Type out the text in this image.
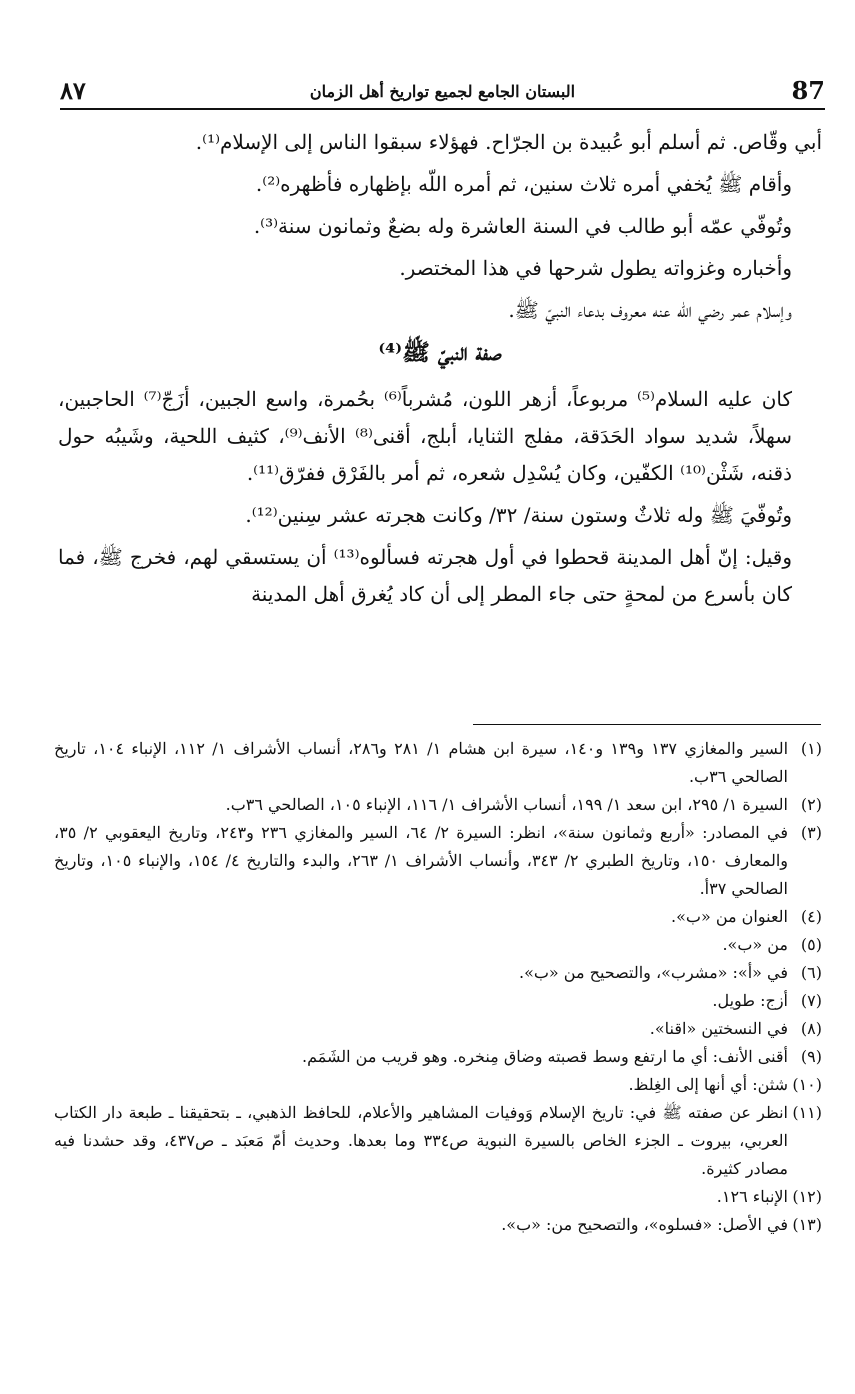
٨٧	البستان الجامع لجميع تواريخ أهل الزمان	87

أبي وقّاص. ثم أسلم أبو عُبيدة بن الجرّاح. فهؤلاء سبقوا الناس إلى الإسلام⁽¹⁾.

وأقام ﷺ يُخفي أمره ثلاث سنين، ثم أمره اللّه بإظهاره فأظهره⁽²⁾.

وتُوفّي عمّه أبو طالب في السنة العاشرة وله بضعٌ وثمانون سنة⁽³⁾.

وأخباره وغزواته يطول شرحها في هذا المختصر.

وإسلام عمر رضي اللّه عنه معروف بدعاء النبيّ ﷺ.

صفة النبيّ ﷺ⁽⁴⁾

كان عليه السلام⁽⁵⁾ مربوعاً، أزهر اللون، مُشرباً⁽⁶⁾ بحُمرة، واسع الجبين، أزَجّ⁽⁷⁾ الحاجبين، سهلاً، شديد سواد الحَدَقة، مفلج الثنايا، أبلج، أقنى⁽⁸⁾ الأنف⁽⁹⁾، كثيف اللحية، وشَيبُه حول ذقنه، شَثْن⁽¹⁰⁾ الكفّين، وكان يُسْدِل شعره، ثم أمر بالفَرْق ففرّق⁽¹¹⁾.

وتُوفّيَ ﷺ وله ثلاثٌ وستون سنة/ ٣٢/ وكانت هجرته عشر سِنين⁽¹²⁾.

وقيل: إنّ أهل المدينة قحطوا في أول هجرته فسألوه⁽¹³⁾ أن يستسقي لهم، فخرج ﷺ، فما كان بأسرع من لمحةٍ حتى جاء المطر إلى أن كاد يُغرق أهل المدينة

(١)
السير والمغازي ١٣٧ و١٣٩ و١٤٠، سيرة ابن هشام ١/ ٢٨١ و٢٨٦، أنساب الأشراف ١/ ١١٢، الإنباء ١٠٤، تاريخ الصالحي ٣٦ب.
(٢)
السيرة ١/ ٢٩٥، ابن سعد ١/ ١٩٩، أنساب الأشراف ١/ ١١٦، الإنباء ١٠٥، الصالحي ٣٦ب.
(٣)
في المصادر: «أربع وثمانون سنة»، انظر: السيرة ٢/ ٦٤، السير والمغازي ٢٣٦ و٢٤٣، وتاريخ اليعقوبي ٢/ ٣٥، والمعارف ١٥٠، وتاريخ الطبري ٢/ ٣٤٣، وأنساب الأشراف ١/ ٢٦٣، والبدء والتاريخ ٤/ ١٥٤، والإنباء ١٠٥، وتاريخ الصالحي ٣٧أ.
(٤)
العنوان من «ب».
(٥)
من «ب».
(٦)
في «أ»: «مشرب»، والتصحيح من «ب».
(٧)
أزج: طويل.
(٨)
في النسختين «اقنا».
(٩)
أقنى الأنف: أي ما ارتفع وسط قصبته وضاق مِنخره. وهو قريب من الشَمَم.
(١٠)
شثن: أي أنها إلى الغِلظ.
(١١)
انظر عن صفته ﷺ في: تاريخ الإسلام وَوفيات المشاهير والأعلام، للحافظ الذهبي، ـ بتحقيقنا ـ طبعة دار الكتاب العربي، بيروت ـ الجزء الخاص بالسيرة النبوية ص٣٣٤ وما بعدها. وحديث أمّ مَعبَد ـ ص٤٣٧، وقد حشدنا فيه مصادر كثيرة.
(١٢)
الإنباء ١٢٦.
(١٣)
في الأصل: «فسلوه»، والتصحيح من: «ب».
